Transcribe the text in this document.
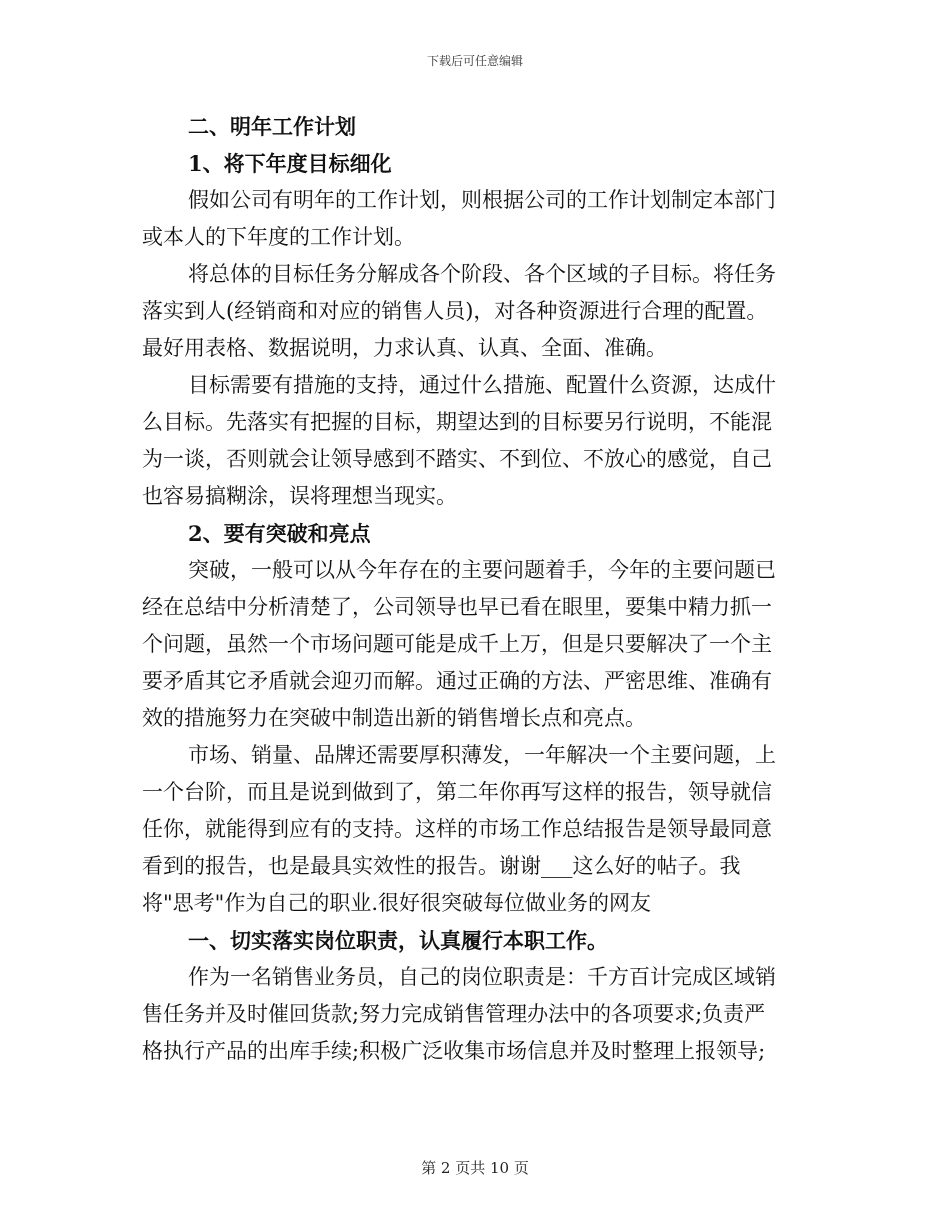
下载后可任意编辑
二、明年工作计划
1、将下年度目标细化
假如公司有明年的工作计划，则根据公司的工作计划制定本部门
或本人的下年度的工作计划。
将总体的目标任务分解成各个阶段、各个区域的子目标。将任务
落实到人(经销商和对应的销售人员)，对各种资源进行合理的配置。
最好用表格、数据说明，力求认真、认真、全面、准确。
目标需要有措施的支持，通过什么措施、配置什么资源，达成什
么目标。先落实有把握的目标，期望达到的目标要另行说明，不能混
为一谈，否则就会让领导感到不踏实、不到位、不放心的感觉，自己
也容易搞糊涂，误将理想当现实。
2、要有突破和亮点
突破，一般可以从今年存在的主要问题着手，今年的主要问题已
经在总结中分析清楚了，公司领导也早已看在眼里，要集中精力抓一
个问题，虽然一个市场问题可能是成千上万，但是只要解决了一个主
要矛盾其它矛盾就会迎刃而解。通过正确的方法、严密思维、准确有
效的措施努力在突破中制造出新的销售增长点和亮点。
市场、销量、品牌还需要厚积薄发，一年解决一个主要问题，上
一个台阶，而且是说到做到了，第二年你再写这样的报告，领导就信
任你，就能得到应有的支持。这样的市场工作总结报告是领导最同意
看到的报告，也是最具实效性的报告。谢谢___这么好的帖子。我
将"思考"作为自己的职业.很好很突破每位做业务的网友
一、切实落实岗位职责，认真履行本职工作。
作为一名销售业务员，自己的岗位职责是：千方百计完成区域销
售任务并及时催回货款;努力完成销售管理办法中的各项要求;负责严
格执行产品的出库手续;积极广泛收集市场信息并及时整理上报领导;
第 2 页共 10 页
